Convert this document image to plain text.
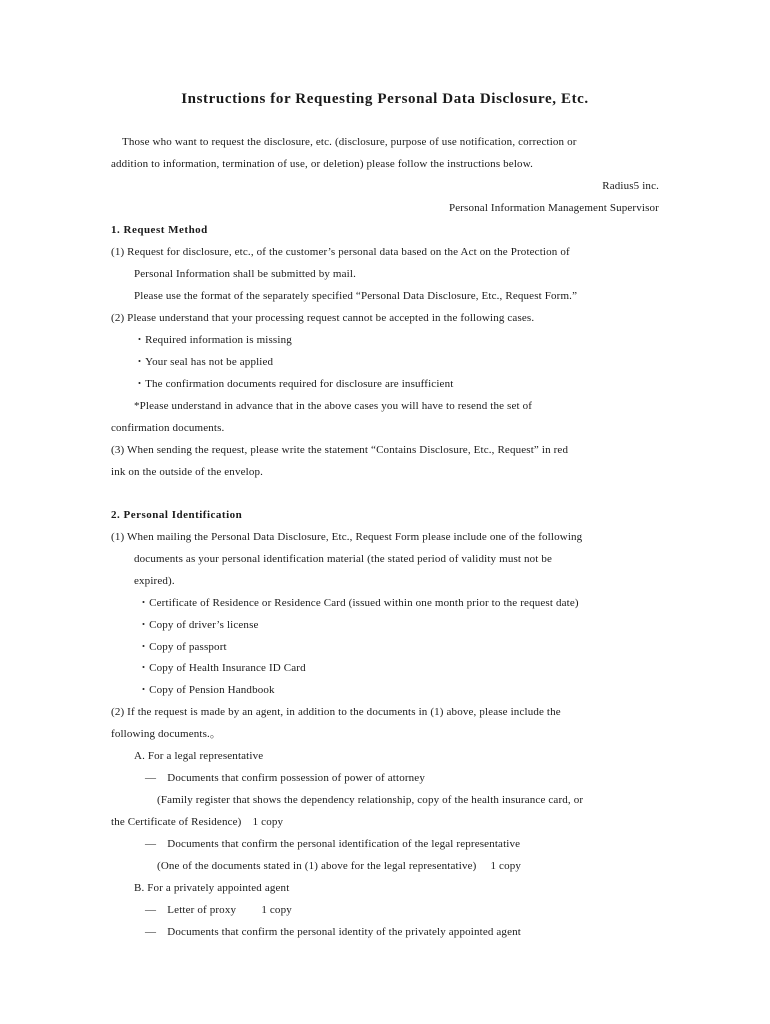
Instructions for Requesting Personal Data Disclosure, Etc.
Those who want to request the disclosure, etc. (disclosure, purpose of use notification, correction or
addition to information, termination of use, or deletion) please follow the instructions below.
Radius5 inc.
Personal Information Management Supervisor
1. Request Method
(1) Request for disclosure, etc., of the customer’s personal data based on the Act on the Protection of
Personal Information shall be submitted by mail.
Please use the format of the separately specified “Personal Data Disclosure, Etc., Request Form.”
(2) Please understand that your processing request cannot be accepted in the following cases.
・Required information is missing
・Your seal has not be applied
・The confirmation documents required for disclosure are insufficient
*Please understand in advance that in the above cases you will have to resend the set of
confirmation documents.
(3) When sending the request, please write the statement “Contains Disclosure, Etc., Request” in red
ink on the outside of the envelop.
2. Personal Identification
(1) When mailing the Personal Data Disclosure, Etc., Request Form please include one of the following
documents as your personal identification material (the stated period of validity must not be
expired).
・Certificate of Residence or Residence Card (issued within one month prior to the request date)
・Copy of driver’s license
・Copy of passport
・Copy of Health Insurance ID Card
・Copy of Pension Handbook
(2) If the request is made by an agent, in addition to the documents in (1) above, please include the
following documents.。
A. For a legal representative
―　Documents that confirm possession of power of attorney
(Family register that shows the dependency relationship, copy of the health insurance card, or
the Certificate of Residence)　1 copy
―　Documents that confirm the personal identification of the legal representative
(One of the documents stated in (1) above for the legal representative)　 1 copy
B. For a privately appointed agent
―　Letter of proxy　　 1 copy
―　Documents that confirm the personal identity of the privately appointed agent
